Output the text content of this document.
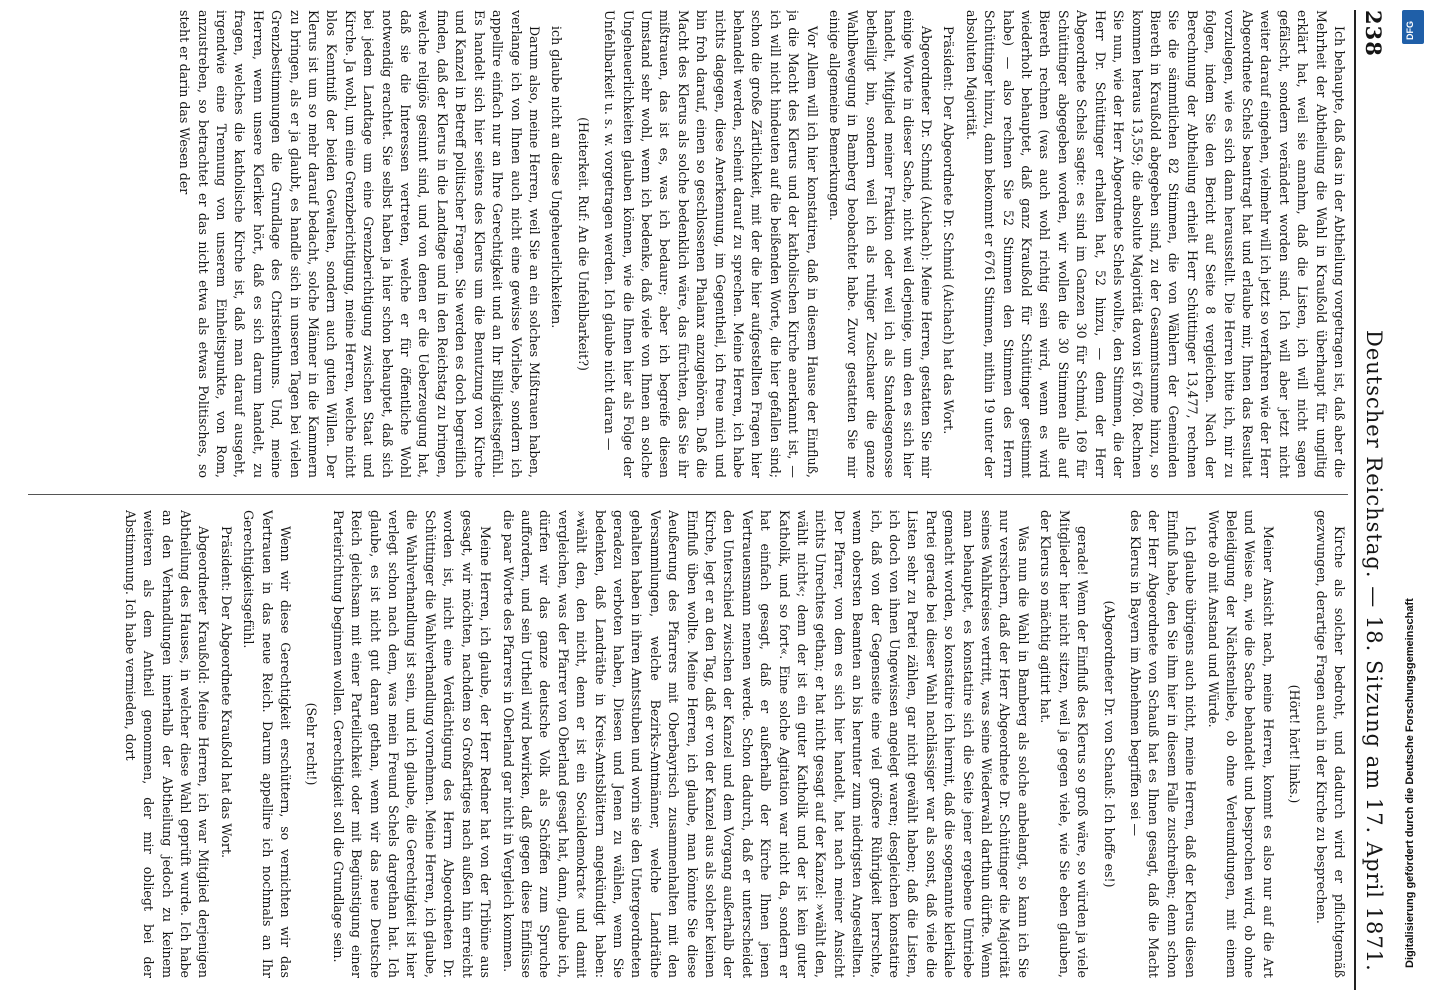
238
Deutscher Reichstag. — 18. Sitzung am 17. April 1871.

Ich behaupte, daß das in der Abtheilung vorgetragen ist, daß aber die Mehrheit der Abtheilung die Wahl in Kraußold überhaupt für ungiltig erklärt hat, weil sie annahm, daß die Listen, ich will nicht sagen gefälscht, sondern verändert worden sind. Ich will aber jetzt nicht weiter darauf eingehen, vielmehr will ich jetzt so verfahren wie der Herr Abgeordnete Schels beantragt hat und erlaube mir, Ihnen das Resultat vorzulegen, wie es sich dann herausstellt. Die Herren bitte ich, mir zu folgen, indem Sie den Bericht auf Seite 8 vergleichen. Nach der Berechnung der Abtheilung erhielt Herr Schüttinger 13,477, rechnen Sie die sämmtlichen 82 Stimmen, die von Wählern der Gemeinden Biereth in Kraußold abgegeben sind, zu der Gesammtsumme hinzu, so kommen heraus 13,559; die absolute Majorität davon ist 6780. Rechnen Sie nun, wie der Herr Abgeordnete Schels wollte, den Stimmen, die der Herr Dr. Schüttinger erhalten hat, 52 hinzu, — denn der Herr Abgeordnete Schels sagte: es sind im Ganzen 30 für Schmid, 169 für Schüttinger abgegeben worden, wir wollen die 30 Stimmen alle auf Biereth rechnen (was auch wohl richtig sein wird, wenn es wird wiederholt behauptet, daß ganz Kraußold für Schüttinger gestimmt habe) — also rechnen Sie 52 Stimmen den Stimmen des Herrn Schüttinger hinzu, dann bekommt er 6761 Stimmen, mithin 19 unter der absoluten Majorität.

Präsident: Der Abgeordnete Dr. Schmid (Aichach) hat das Wort.

Abgeordneter Dr. Schmid (Aichach): Meine Herren, gestatten Sie mir einige Worte in dieser Sache, nicht weil derjenige, um den es sich hier handelt, Mitglied meiner Fraktion oder weil ich als Standesgenosse betheiligt bin, sondern weil ich als ruhiger Zuschauer die ganze Wahlbewegung in Bamberg beobachtet habe. Zuvor gestatten Sie mir einige allgemeine Bemerkungen.

Vor Allem will ich hier konstatiren, daß in diesem Hause der Einfluß, ja die Macht des Klerus und der katholischen Kirche anerkannt ist, — ich will nicht hindeuten auf die beißenden Worte, die hier gefallen sind; schon die große Zärtlichkeit, mit der die hier aufgestellten Fragen hier behandelt werden, scheint darauf zu sprechen. Meine Herren, ich habe nichts dagegen, diese Anerkennung, im Gegentheil, ich freue mich und bin froh darauf, einen so geschlossenen Phalanx anzugehören. Daß die Macht des Klerus als solche bedenklich wäre, das fürchten, das Sie ihr mißtrauen, das ist es, was ich bedaure; aber ich begreife diesen Umstand sehr wohl, wenn ich bedenke, daß viele von Ihnen an solche Ungeheuerlichkeiten glauben können, wie die Ihnen hier als Folge der Unfehlbarkeit u. s. w. vorgetragen werden. Ich glaube nicht daran —

(Heiterkeit. Ruf: An die Unfehlbarkeit?)

ich glaube nicht an diese Ungeheuerlichkeiten.

Darum also, meine Herren, weil Sie an ein solches Mißtrauen haben, verlange ich von Ihnen auch nicht eine gewisse Vorliebe, sondern ich appellire einfach nur an Ihre Gerechtigkeit und an Ihr Billigkeitsgefühl. Es handelt sich hier seitens des Klerus um die Benutzung von Kirche und Kanzel in Betreff politischer Fragen. Sie werden es doch begreiflich finden, daß der Klerus in die Landtage und in den Reichstag zu bringen, welche religiös gesinnt sind, und von denen er die Ueberzeugung hat, daß sie die Interessen vertreten, welche er für öffentliche Wohl notwendig erachtet. Sie selbst haben ja hier schon behauptet, daß sich bei jedem Landtage um eine Grenzberichtigung zwischen Staat und Kirche. Ja wohl, um eine Grenzberichtigung, meine Herren, welche nicht blos Kenntniß der beiden Gewalten, sondern auch guten Willen. Der Klerus ist um so mehr darauf bedacht, solche Männer in die Kammern zu bringen, als er ja glaubt, es handle sich in unseren Tagen bei vielen Grenzbestimmungen die Grundlage des Christenthums. Und, meine Herren, wenn unsere Kleriker hört, daß es sich darum handelt, zu fragen, welches die katholische Kirche ist, daß man darauf ausgeht, irgendwie eine Trennung von unserem Einheitspunkte, von Rom, anzustreben, so betrachtet er das nicht etwa als etwas Politisches, so steht er darin das Wesen der

Kirche als solcher bedroht, und dadurch wird er pflichtgemäß gezwungen, derartige Fragen auch in der Kirche zu besprechen.

(Hört! hört! links.)

Meiner Ansicht nach, meine Herren, kommt es also nur auf die Art und Weise an, wie die Sache behandelt und besprochen wird, ob ohne Beleidigung der Nächstenliebe, ob ohne Verleumdungen, mit einem Worte ob mit Anstand und Würde.

Ich glaube übrigens auch nicht, meine Herren, daß der Klerus diesen Einfluß habe, den Sie ihm hier in diesem Falle zuschreiben; denn schon der Herr Abgeordnete von Schauß hat es Ihnen gesagt, daß die Macht des Klerus in Bayern im Abnehmen begriffen sei —

(Abgeordneter Dr. von Schauß: Ich hoffe es!)

gerade! Wenn der Einfluß des Klerus so groß wäre, so würden ja viele Mitglieder hier nicht sitzen, weil ja gegen viele, wie Sie eben glauben, der Klerus so mächtig agitirt hat.

Was nun die Wahl in Bamberg als solche anbelangt, so kann ich Sie nur versichern, daß der Herr Abgeordnete Dr. Schüttinger die Majorität seines Wahlkreises vertritt, was seine Wiederwahl darthun dürfte. Wenn man behauptet, es konstatire sich die Seite jener ergebene Umtriebe gemacht worden, so konstatire ich hiermit, daß die sogenannte klerikale Partei gerade bei dieser Wahl nachlässiger war als sonst, daß viele die Listen sehr zu Partei zählen, gar nicht gewählt haben; daß die Listen, ich doch von ihnen Ungewissen angelegt waren; desgleichen konstatire ich, daß von der Gegenseite eine viel größere Rührigkeit herrschte, wenn obersten Beamten an bis herunter zum niedrigsten Angestellten. Der Pfarrer, von dem es sich hier handelt, hat nach meiner Ansicht nichts Unrechtes gethan; er hat nicht gesagt auf der Kanzel: »wählt den, wählt nicht«; denn der ist ein guter Katholik und der ist kein guter Katholik, und so fort«. Eine solche Agitation war nicht da, sondern er hat einfach gesagt, daß er außerhalb der Kirche Ihnen jenen Vertrauensmann nennen werde. Schon dadurch, daß er unterscheidet den Unterschied zwischen der Kanzel und dem Vorgang außerhalb der Kirche, legt er an den Tag, daß er von der Kanzel aus als solcher keinen Einfluß üben wollte. Meine Herren, ich glaube, man könnte Sie diese Aeußerung des Pfarrers mit Oberbayrisch zusammenhalten mit den Versammlungen, welche Bezirks-Amtmänner, welche Landräthe gehalten haben in ihren Amtsstuben und worin sie den Untergeordneten geradezu verboten haben, Diesen und Jenen zu wählen, wenn Sie bedenken, daß Landräthe in Kreis-Amtsblättern angekündigt haben: »wählt den, den nicht, denn er ist ein Socialdemokrat« und damit vergleichen, was der Pfarrer von Oberland gesagt hat, dann, glaube ich, dürfen wir das ganze deutsche Volk als Schöffen zum Spruche auffordern, und sein Urtheil wird bewirken, daß gegen diese Einflüsse die paar Worte des Pfarrers in Oberland gar nicht in Vergleich kommen.

Meine Herren, ich glaube, der Herr Redner hat von der Tribüne aus gesagt, wir möchten, nachdem so Großartiges nach außen hin erreicht worden ist, nicht eine Verdächtigung des Herrn Abgeordneten Dr. Schüttinger die Wahlverhandlung vornehmen. Meine Herren, ich glaube, die Wahlverhandlung ist sein, und ich glaube, die Gerechtigkeit ist hier verlegt schon nach dem, was mein Freund Schels dargethan hat. Ich glaube, es ist nicht gut daran gethan, wenn wir das neue Deutsche Reich gleichsam mit einer Parteilichkeit oder mit Begünstigung einer Parteirichtung beginnen wollen. Gerechtigkeit soll die Grundlage sein.

(Sehr recht!)

Wenn wir diese Gerechtigkeit erschüttern, so vernichten wir das Vertrauen in das neue Reich. Darum appellire ich nochmals an Ihr Gerechtigkeitsgefühl.

Präsident: Der Abgeordnete Kraußold hat das Wort.

Abgeordneter Kraußold: Meine Herren, ich war Mitglied derjenigen Abtheilung des Hauses, in welcher diese Wahl geprüft wurde. Ich habe an den Verhandlungen innerhalb der Abtheilung jedoch zu keinem weiteren als dem Antheil genommen, der mir obliegt bei der Abstimmung. Ich habe vermieden, dort

DFG
Digitalisierung gefördert durch die Deutsche Forschungsgemeinschaft
